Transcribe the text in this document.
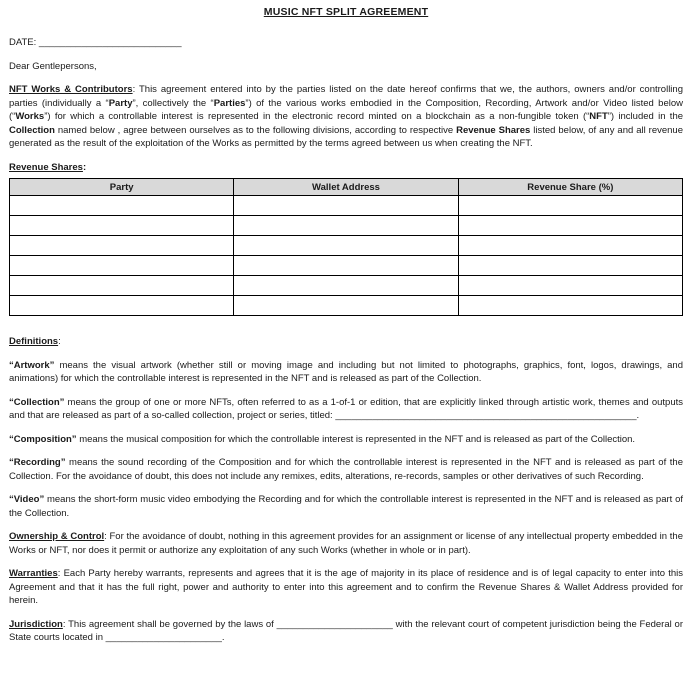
MUSIC NFT SPLIT AGREEMENT

DATE: ___________________________

Dear Gentlepersons,

NFT Works & Contributors: This agreement entered into by the parties listed on the date hereof confirms that we, the authors, owners and/or controlling parties (individually a “Party”, collectively the “Parties”) of the various works embodied in the Composition, Recording, Artwork and/or Video listed below (“Works”) for which a controllable interest is represented in the electronic record minted on a blockchain as a non-fungible token (“NFT”) included in the Collection named below , agree between ourselves as to the following divisions, according to respective Revenue Shares listed below, of any and all revenue generated as the result of the exploitation of the Works as permitted by the terms agreed between us when creating the NFT.

Revenue Shares:

Party	Wallet Address	Revenue Share (%)

Definitions:

“Artwork” means the visual artwork (whether still or moving image and including but not limited to photographs, graphics, font, logos, drawings, and animations) for which the controllable interest is represented in the NFT and is released as part of the Collection.

“Collection” means the group of one or more NFTs, often referred to as a 1-of-1 or edition, that are explicitly linked through artistic work, themes and outputs and that are released as part of a so-called collection, project or series, titled: _________________________________________________________.

“Composition” means the musical composition for which the controllable interest is represented in the NFT and is released as part of the Collection.

“Recording” means the sound recording of the Composition and for which the controllable interest is represented in the NFT and is released as part of the Collection. For the avoidance of doubt, this does not include any remixes, edits, alterations, re-records, samples or other derivatives of such Recording.

“Video” means the short-form music video embodying the Recording and for which the controllable interest is represented in the NFT and is released as part of the Collection.

Ownership & Control: For the avoidance of doubt, nothing in this agreement provides for an assignment or license of any intellectual property embedded in the Works or NFT, nor does it permit or authorize any exploitation of any such Works (whether in whole or in part).

Warranties: Each Party hereby warrants, represents and agrees that it is the age of majority in its place of residence and is of legal capacity to enter into this Agreement and that it has the full right, power and authority to enter into this agreement and to confirm the Revenue Shares & Wallet Address provided for herein.

Jurisdiction: This agreement shall be governed by the laws of ______________________ with the relevant court of competent jurisdiction being the Federal or State courts located in ______________________.
